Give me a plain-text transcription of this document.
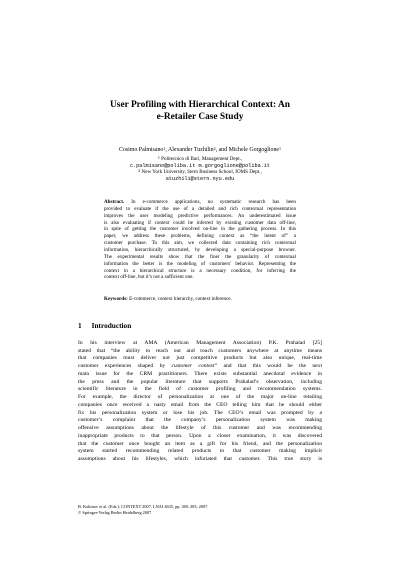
User Profiling with Hierarchical Context: An
e-Retailer Case Study
Cosimo Palmisano$^1$, Alexander Tuzhilin$^2$, and Michele Gorgoglione$^1$
$^1$ Politecnico di Bari, Management Dept.,
c.palmisano@poliba.it m.gorgoglione@poliba.it
$^2$ New York University, Stern Business School, IOMS Dept.,
atuzhili@stern.nyu.edu
Abstract. In e-commerce applications, no systematic research has been
provided to evaluate if the use of a detailed and rich contextual representation
improves the user modeling predictive performances. An underestimated issue
is also evaluating if context could be inferred by existing customer data off-line,
in spite of getting the customer involved on-line in the gathering process. In this
paper, we address these problems, defining context as “the intent of” a
customer purchase. To this aim, we collected data containing rich contextual
information, hierarchically structured, by developing a special-purpose browser.
The experimental results show that the finer the granularity of contextual
information the better is the modeling of customers' behavior. Representing the
context in a hierarchical structure is a necessary condition, for inferring the
context off-line, but it’s not a sufficient one.
Keywords: E-commerce, context hierarchy, context inference.
1 Introduction
In his interview at AMA (American Management Association) P.K. Prahalad [25]
stated that “the ability to reach out and touch customers anywhere at anytime means
that companies must deliver not just competitive products but also unique, real-time
customer experiences shaped by customer context” and that this would be the next
main issue for the CRM practitioners. There exists substantial anecdotal evidence in
the press and the popular literature that supports Prahalad’s observation, including
scientific literature in the field of customer profiling and recommendation systems.
For example, the director of personalization at one of the major on-line retailing
companies once received a nasty email from the CEO telling him that he should either
fix his personalization system or lose his job. The CEO’s email was prompted by a
customer’s complaint that the company’s personalization system was making
offensive assumptions about the lifestyle of this customer and was recommending
inappropriate products to that person. Upon a closer examination, it was discovered
that the customer once bought an item as a gift for his friend, and the personalization
system started recommending related products to that customer making implicit
assumptions about his lifestyles, which infuriated that customer. This true story is
B. Kokinov et al. (Eds.): CONTEXT 2007, LNAI 4635, pp. 369–383, 2007.
© Springer-Verlag Berlin Heidelberg 2007
